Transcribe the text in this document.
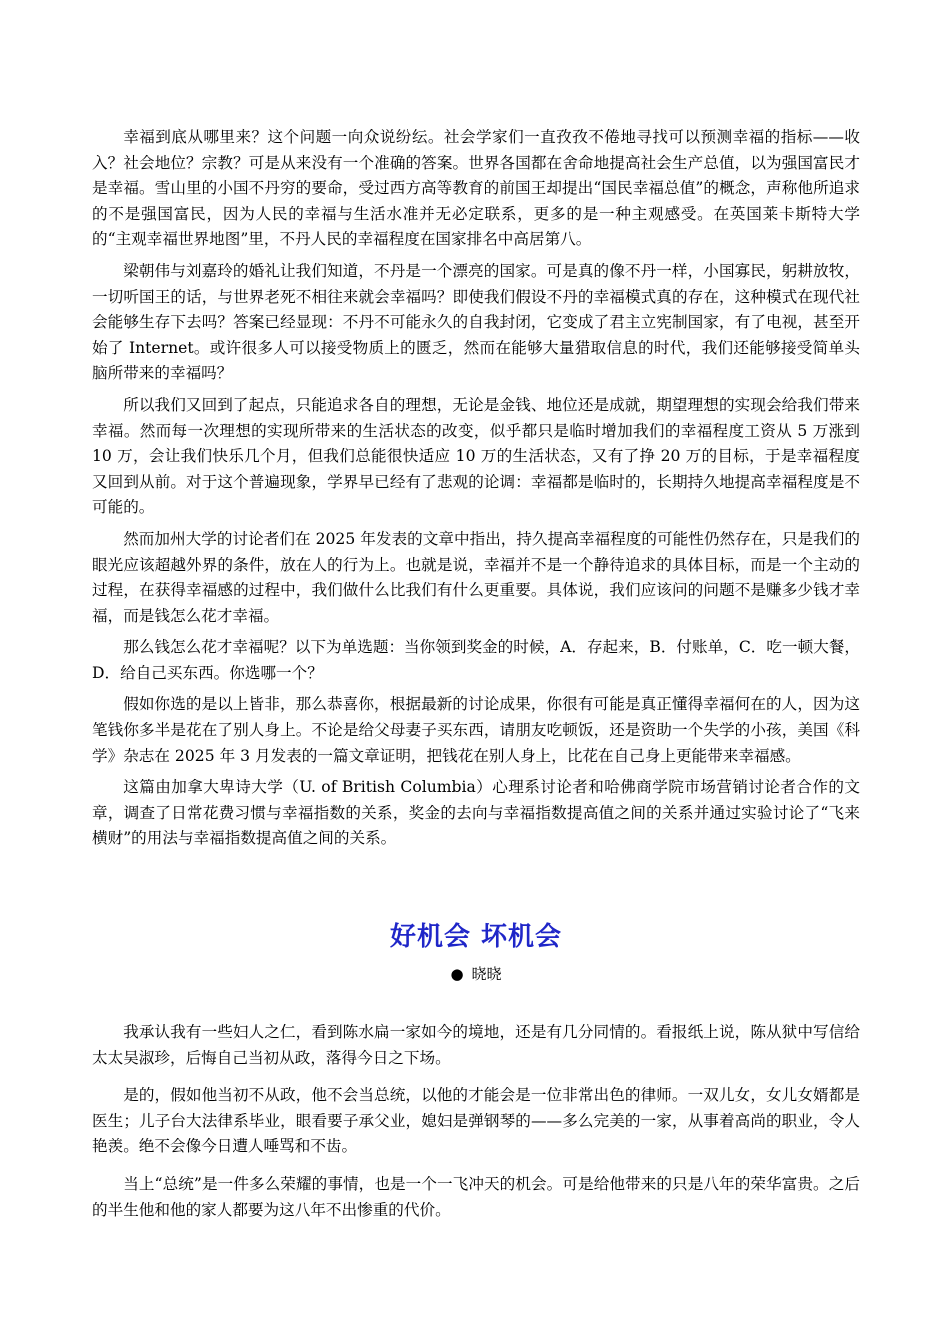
幸福到底从哪里来？这个问题一向众说纷纭。社会学家们一直孜孜不倦地寻找可以预测幸福的指标——收入？社会地位？宗教？可是从来没有一个准确的答案。世界各国都在舍命地提高社会生产总值，以为强国富民才是幸福。雪山里的小国不丹穷的要命，受过西方高等教育的前国王却提出“国民幸福总值”的概念，声称他所追求的不是强国富民，因为人民的幸福与生活水准并无必定联系，更多的是一种主观感受。在英国莱卡斯特大学的“主观幸福世界地图”里，不丹人民的幸福程度在国家排名中高居第八。

梁朝伟与刘嘉玲的婚礼让我们知道，不丹是一个漂亮的国家。可是真的像不丹一样，小国寡民，躬耕放牧，一切听国王的话，与世界老死不相往来就会幸福吗？即使我们假设不丹的幸福模式真的存在，这种模式在现代社会能够生存下去吗？答案已经显现：不丹不可能永久的自我封闭，它变成了君主立宪制国家，有了电视，甚至开始了 Internet。或许很多人可以接受物质上的匮乏，然而在能够大量猎取信息的时代，我们还能够接受简单头脑所带来的幸福吗？

所以我们又回到了起点，只能追求各自的理想，无论是金钱、地位还是成就，期望理想的实现会给我们带来幸福。然而每一次理想的实现所带来的生活状态的改变，似乎都只是临时增加我们的幸福程度工资从 5 万涨到 10 万，会让我们快乐几个月，但我们总能很快适应 10 万的生活状态，又有了挣 20 万的目标，于是幸福程度又回到从前。对于这个普遍现象，学界早已经有了悲观的论调：幸福都是临时的，长期持久地提高幸福程度是不可能的。

然而加州大学的讨论者们在 2025 年发表的文章中指出，持久提高幸福程度的可能性仍然存在，只是我们的眼光应该超越外界的条件，放在人的行为上。也就是说，幸福并不是一个静待追求的具体目标，而是一个主动的过程，在获得幸福感的过程中，我们做什么比我们有什么更重要。具体说，我们应该问的问题不是赚多少钱才幸福，而是钱怎么花才幸福。

那么钱怎么花才幸福呢？以下为单选题：当你领到奖金的时候，A．存起来，B．付账单，C．吃一顿大餐，D．给自己买东西。你选哪一个？

假如你选的是以上皆非，那么恭喜你，根据最新的讨论成果，你很有可能是真正懂得幸福何在的人，因为这笔钱你多半是花在了别人身上。不论是给父母妻子买东西，请朋友吃顿饭，还是资助一个失学的小孩，美国《科学》杂志在 2025 年 3 月发表的一篇文章证明，把钱花在别人身上，比花在自己身上更能带来幸福感。

这篇由加拿大卑诗大学（U. of British Columbia）心理系讨论者和哈佛商学院市场营销讨论者合作的文章，调查了日常花费习惯与幸福指数的关系，奖金的去向与幸福指数提高值之间的关系并通过实验讨论了“飞来横财”的用法与幸福指数提高值之间的关系。

好机会 坏机会
● 晓晓

我承认我有一些妇人之仁，看到陈水扁一家如今的境地，还是有几分同情的。看报纸上说，陈从狱中写信给太太吴淑珍，后悔自己当初从政，落得今日之下场。

是的，假如他当初不从政，他不会当总统，以他的才能会是一位非常出色的律师。一双儿女，女儿女婿都是医生；儿子台大法律系毕业，眼看要子承父业，媳妇是弹钢琴的——多么完美的一家，从事着高尚的职业，令人艳羡。绝不会像今日遭人唾骂和不齿。

当上“总统”是一件多么荣耀的事情，也是一个一飞冲天的机会。可是给他带来的只是八年的荣华富贵。之后的半生他和他的家人都要为这八年不出惨重的代价。
